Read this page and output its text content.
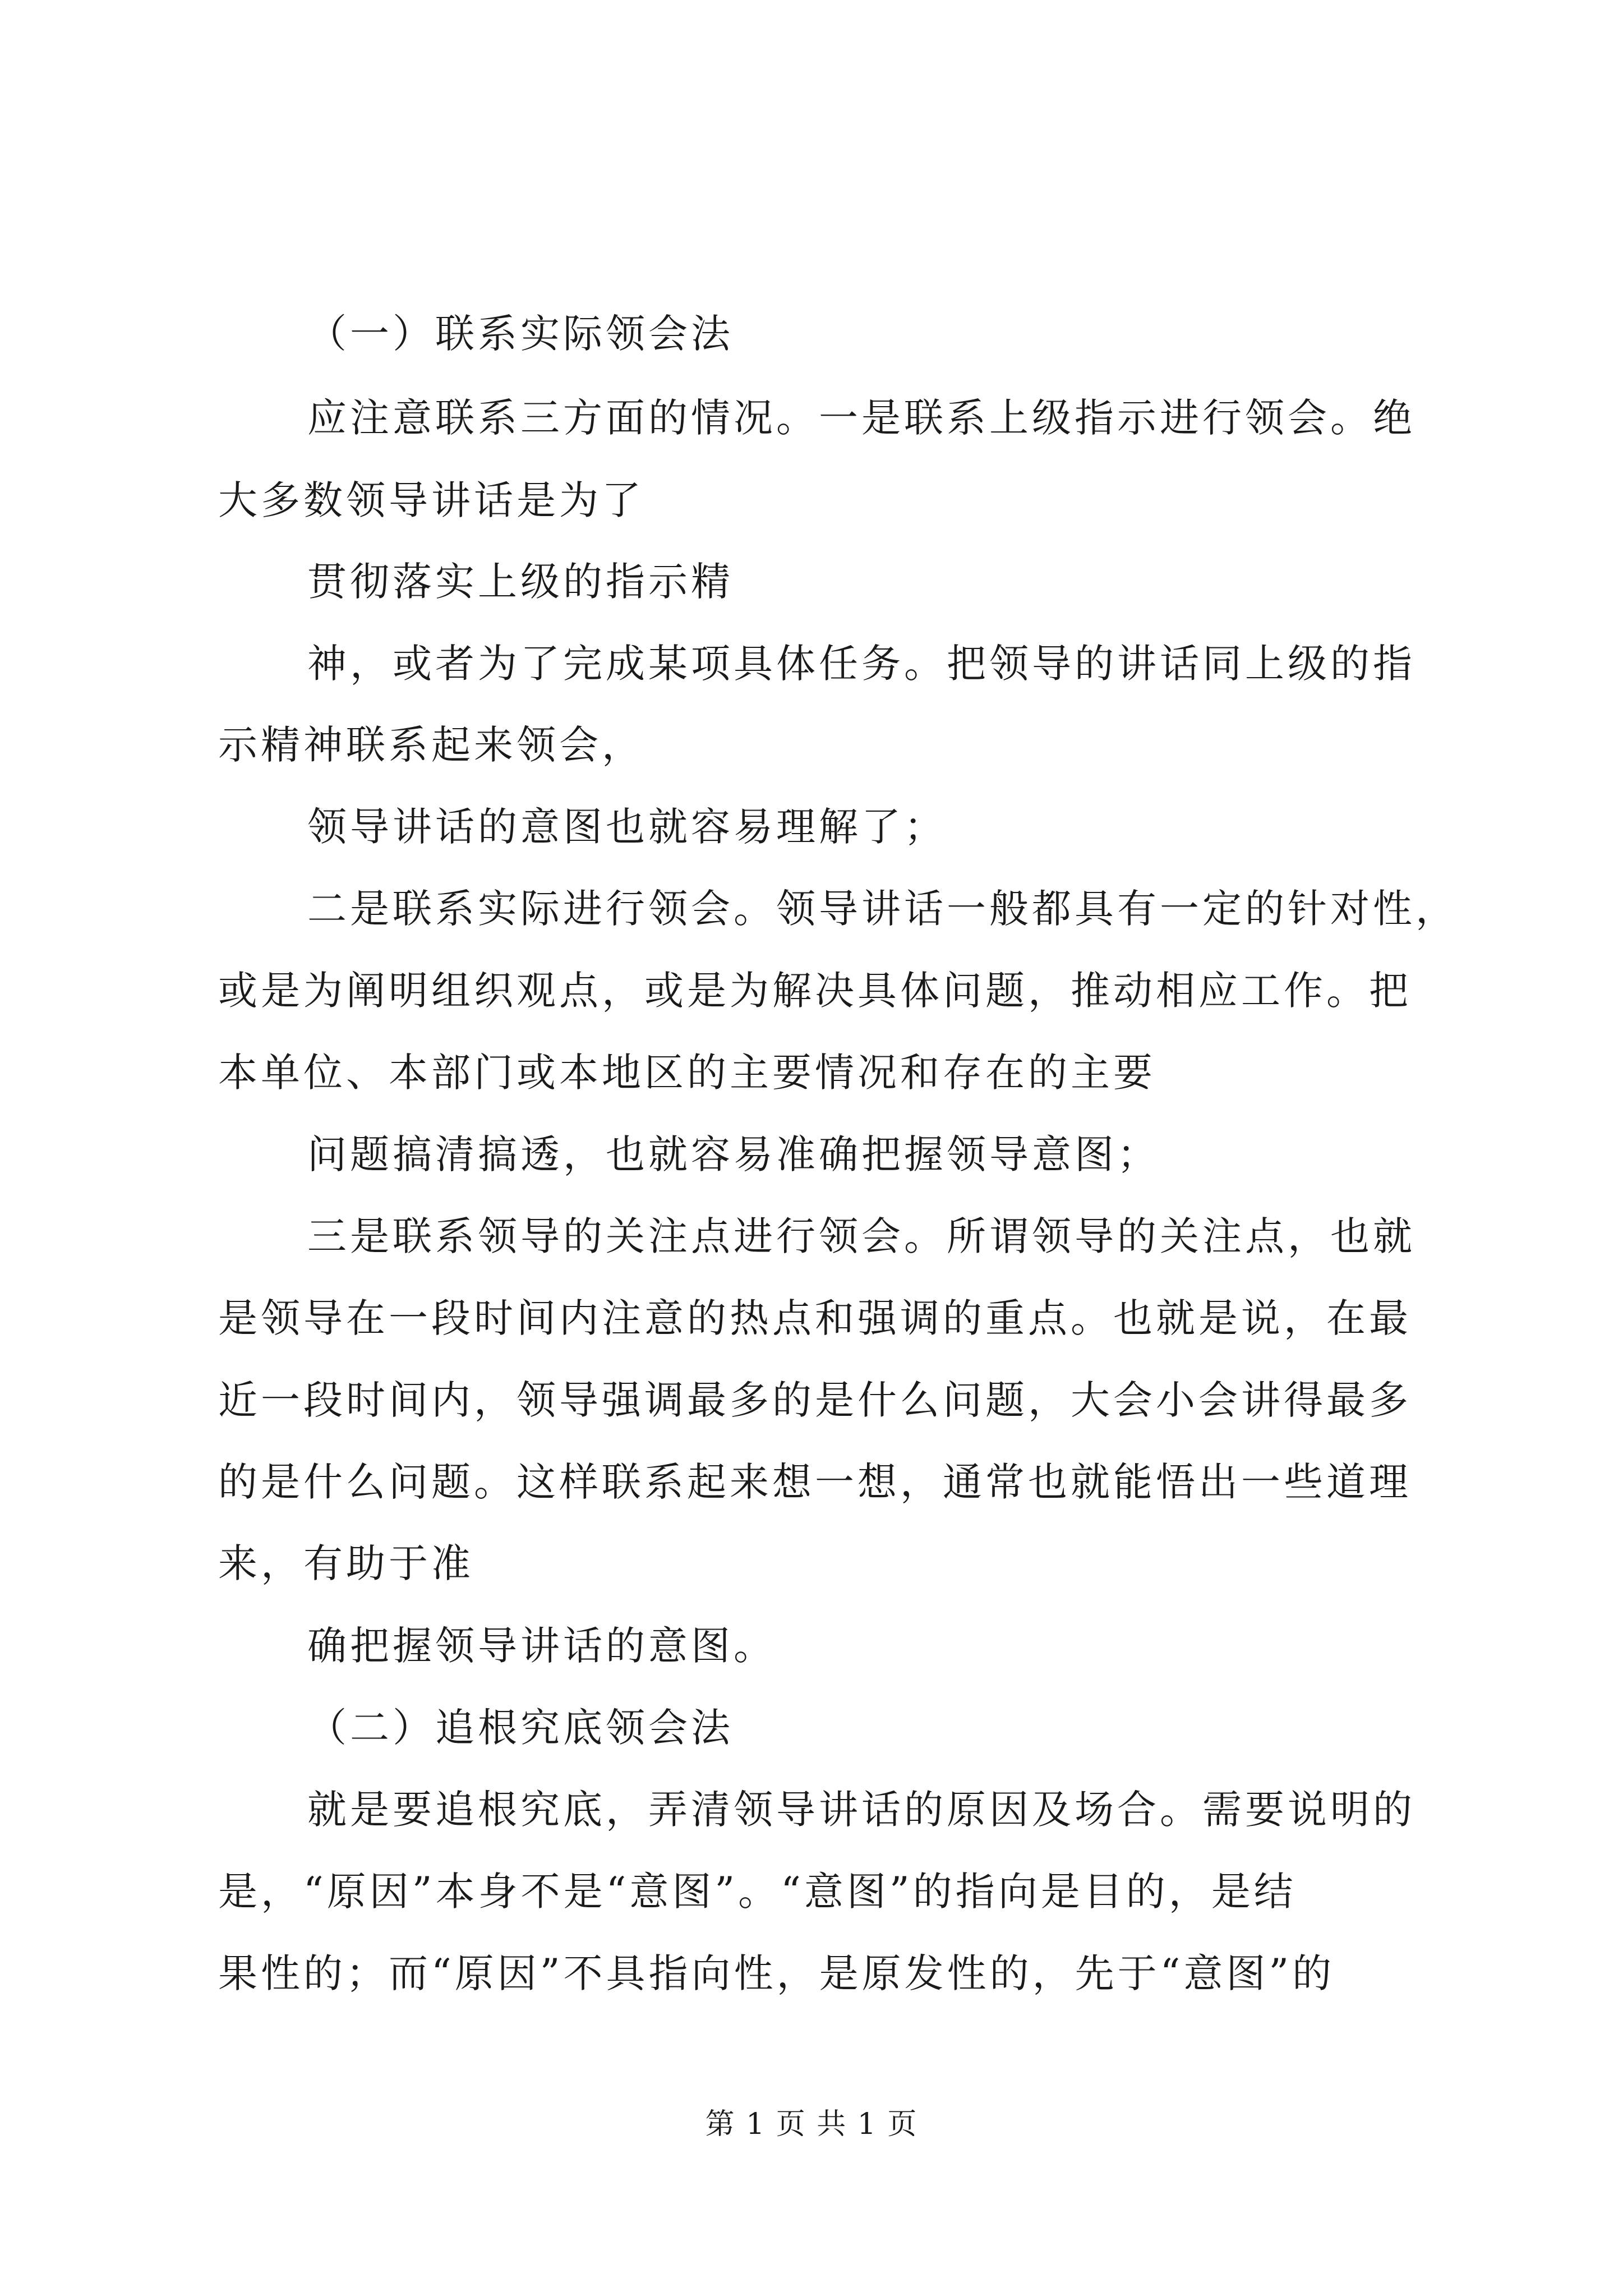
（一）联系实际领会法
应注意联系三方面的情况。一是联系上级指示进行领会。绝
大多数领导讲话是为了
贯彻落实上级的指示精
神，或者为了完成某项具体任务。把领导的讲话同上级的指
示精神联系起来领会，
领导讲话的意图也就容易理解了；
二是联系实际进行领会。领导讲话一般都具有一定的针对性，
或是为阐明组织观点，或是为解决具体问题，推动相应工作。把
本单位、本部门或本地区的主要情况和存在的主要
问题搞清搞透，也就容易准确把握领导意图；
三是联系领导的关注点进行领会。所谓领导的关注点，也就
是领导在一段时间内注意的热点和强调的重点。也就是说，在最
近一段时间内，领导强调最多的是什么问题，大会小会讲得最多
的是什么问题。这样联系起来想一想，通常也就能悟出一些道理
来，有助于准
确把握领导讲话的意图。
（二）追根究底领会法
就是要追根究底，弄清领导讲话的原因及场合。需要说明的
是，“原因”本身不是“意图”。“意图”的指向是目的，是结
果性的；而“原因”不具指向性，是原发性的，先于“意图”的
第 1 页 共 1 页
